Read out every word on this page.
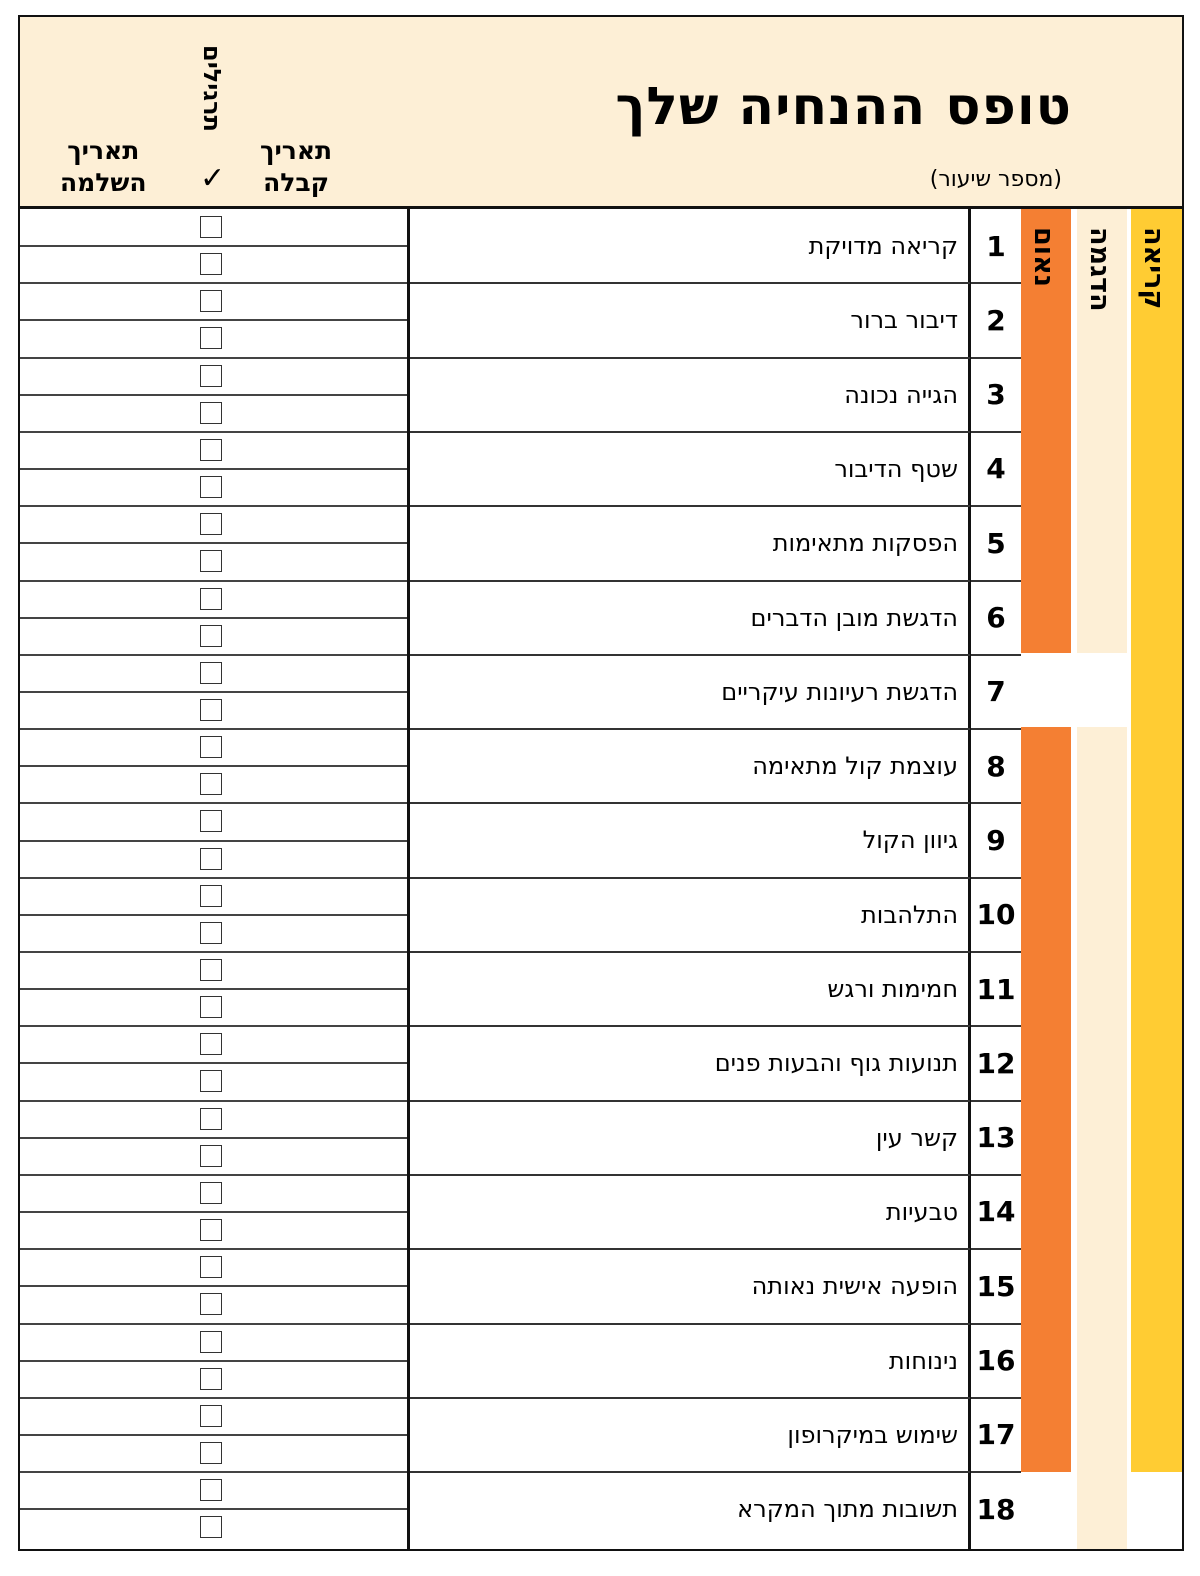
טופס ההנחיה שלך
(מספר שיעור)
תאריך
קבלה
תרגילים
✓
תאריך
השלמה
קריאה
הדגמה
נאום
קריאה מדויקת	1
דיבור ברור	2
הגייה נכונה	3
שטף הדיבור	4
הפסקות מתאימות	5
הדגשת מובן הדברים	6
הדגשת רעיונות עיקריים	7
עוצמת קול מתאימה	8
גיוון הקול	9
התלהבות 10
חמימות ורגש 11
תנועות גוף והבעות פנים 12
קשר עין 13
טבעיות 14
הופעה אישית נאותה 15
נינוחות 16
שימוש במיקרופון 17
תשובות מתוך המקרא 18
